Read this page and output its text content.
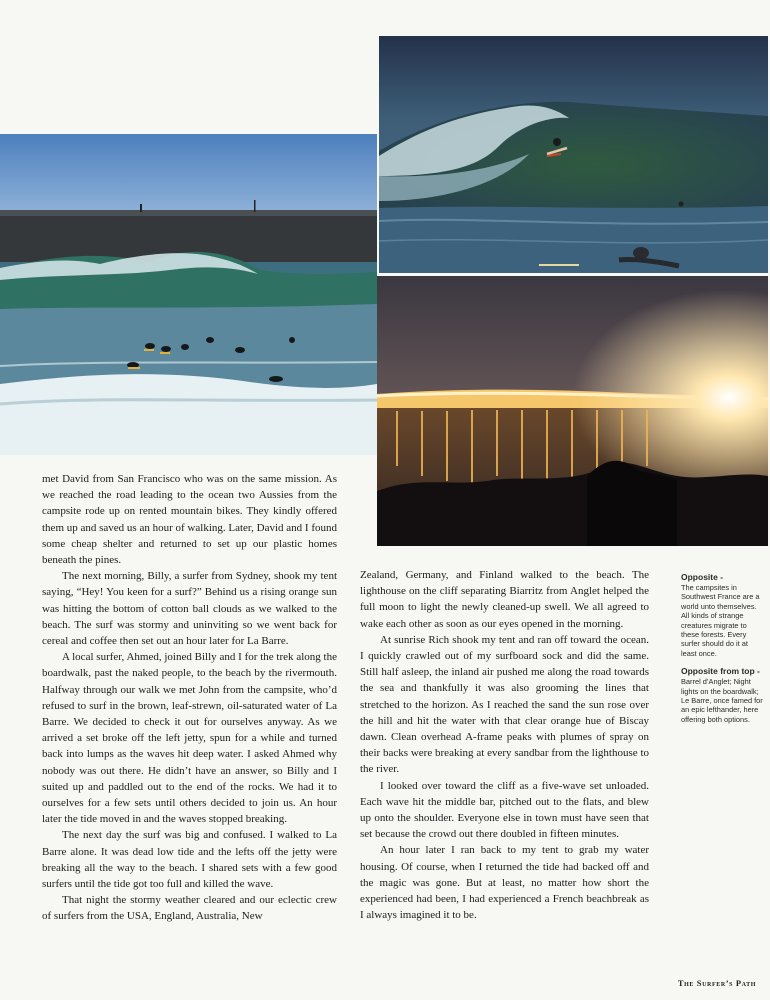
met David from San Francisco who was on the same mission. As we reached the road leading to the ocean two Aussies from the campsite rode up on rented mountain bikes. They kindly offered them up and saved us an hour of walking. Later, David and I found some cheap shelter and returned to set up our plastic homes beneath the pines.

The next morning, Billy, a surfer from Sydney, shook my tent saying, “Hey! You keen for a surf?” Behind us a rising orange sun was hitting the bottom of cotton ball clouds as we walked to the beach. The surf was stormy and uninviting so we went back for cereal and coffee then set out an hour later for La Barre.

A local surfer, Ahmed, joined Billy and I for the trek along the boardwalk, past the naked people, to the beach by the rivermouth. Halfway through our walk we met John from the campsite, who’d refused to surf in the brown, leaf-strewn, oil-saturated water of La Barre. We decided to check it out for ourselves anyway. As we arrived a set broke off the left jetty, spun for a while and turned back into lumps as the waves hit deep water. I asked Ahmed why nobody was out there. He didn’t have an answer, so Billy and I suited up and paddled out to the end of the rocks. We had it to ourselves for a few sets until others decided to join us. An hour later the tide moved in and the waves stopped breaking.

The next day the surf was big and confused. I walked to La Barre alone. It was dead low tide and the lefts off the jetty were breaking all the way to the beach. I shared sets with a few good surfers until the tide got too full and killed the wave.

That night the stormy weather cleared and our eclectic crew of surfers from the USA, England, Australia, New

Zealand, Germany, and Finland walked to the beach. The lighthouse on the cliff separating Biarritz from Anglet helped the full moon to light the newly cleaned-up swell. We all agreed to wake each other as soon as our eyes opened in the morning.

At sunrise Rich shook my tent and ran off toward the ocean. I quickly crawled out of my surfboard sock and did the same. Still half asleep, the inland air pushed me along the road towards the sea and thankfully it was also grooming the lines that stretched to the horizon. As I reached the sand the sun rose over the hill and hit the water with that clear orange hue of Biscay dawn. Clean overhead A-frame peaks with plumes of spray on their backs were breaking at every sandbar from the lighthouse to the river.

I looked over toward the cliff as a five-wave set unloaded. Each wave hit the middle bar, pitched out to the flats, and blew up onto the shoulder. Everyone else in town must have seen that set because the crowd out there doubled in fifteen minutes.

An hour later I ran back to my tent to grab my water housing. Of course, when I returned the tide had backed off and the magic was gone. But at least, no matter how short the experienced had been, I had experienced a French beachbreak as I always imagined it to be.

Opposite -
The campsites in Southwest France are a world unto themselves. All kinds of strange creatures migrate to these forests. Every surfer should do it at least once.
Opposite from top -
Barrel d’Anglet; Night lights on the boardwalk; Le Barre, once famed for an epic lefthander, here offering both options.
The Surfer’s Path
